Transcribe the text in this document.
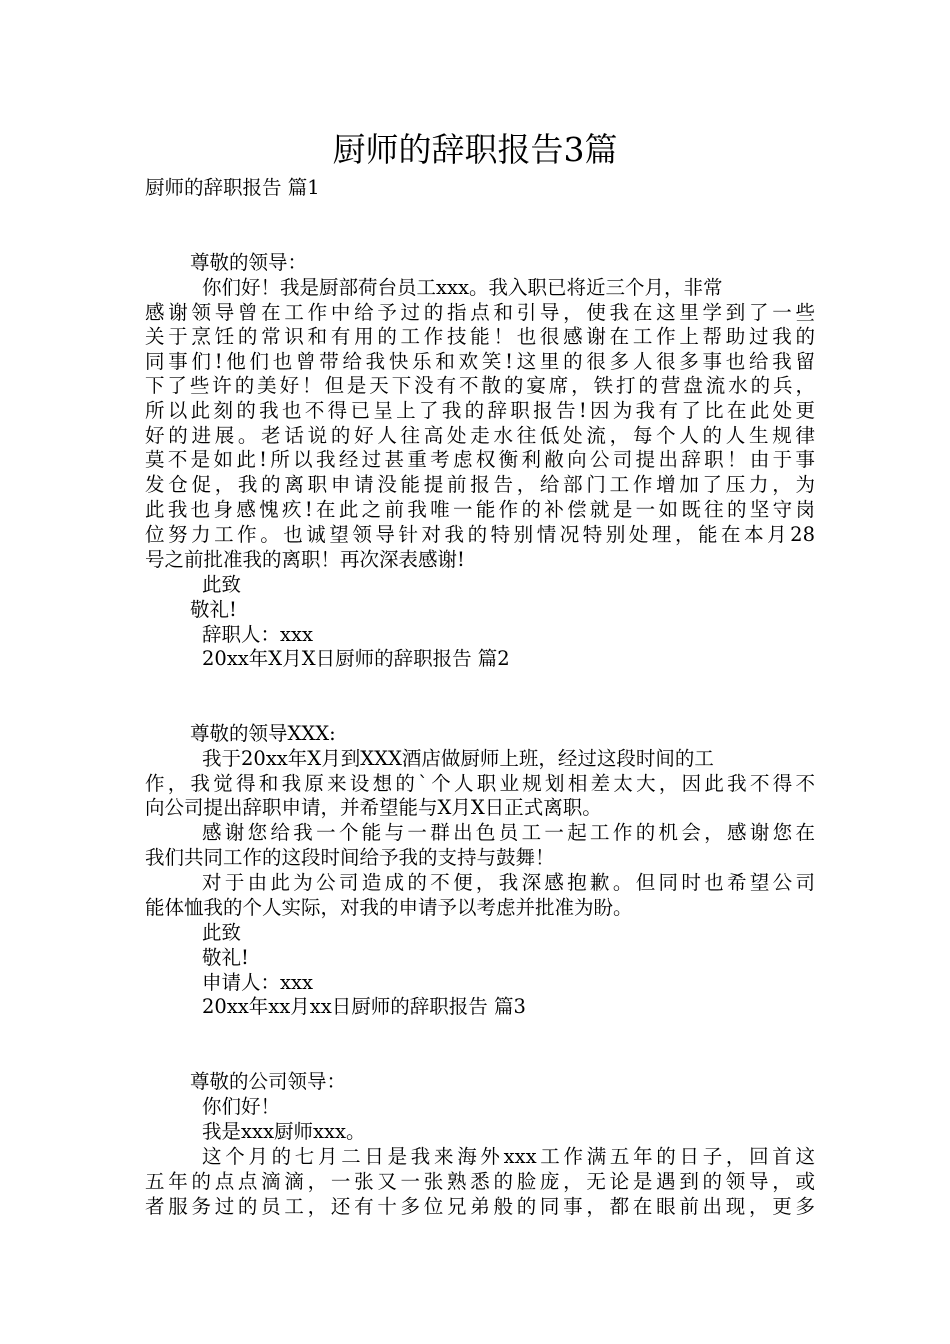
厨师的辞职报告3篇

厨师的辞职报告 篇1

尊敬的领导：

你们好！我是厨部荷台员工xxx。我入职已将近三个月，非常

感谢领导曾在工作中给予过的指点和引导，使我在这里学到了一些

关于烹饪的常识和有用的工作技能！也很感谢在工作上帮助过我的

同事们!他们也曾带给我快乐和欢笑!这里的很多人很多事也给我留

下了些许的美好！但是天下没有不散的宴席，铁打的营盘流水的兵，

所以此刻的我也不得已呈上了我的辞职报告!因为我有了比在此处更

好的进展。老话说的好人往高处走水往低处流，每个人的人生规律

莫不是如此!所以我经过甚重考虑权衡利敝向公司提出辞职！由于事

发仓促，我的离职申请没能提前报告，给部门工作增加了压力，为

此我也身感愧疚!在此之前我唯一能作的补偿就是一如既往的坚守岗

位努力工作。也诚望领导针对我的特别情况特别处理，能在本月28

号之前批准我的离职！再次深表感谢!

此致

敬礼!

辞职人：xxx

20xx年X月X日厨师的辞职报告 篇2

尊敬的领导XXX:

我于20xx年X月到XXX酒店做厨师上班，经过这段时间的工

作，我觉得和我原来设想的`个人职业规划相差太大，因此我不得不

向公司提出辞职申请，并希望能与X月X日正式离职。

感谢您给我一个能与一群出色员工一起工作的机会，感谢您在

我们共同工作的这段时间给予我的支持与鼓舞！

对于由此为公司造成的不便，我深感抱歉。但同时也希望公司

能体恤我的个人实际，对我的申请予以考虑并批准为盼。

此致

敬礼!

申请人：xxx

20xx年xx月xx日厨师的辞职报告 篇3

尊敬的公司领导：

你们好！

我是xxx厨师xxx。

这个月的七月二日是我来海外xxx工作满五年的日子，回首这

五年的点点滴滴，一张又一张熟悉的脸庞，无论是遇到的领导，或

者服务过的员工，还有十多位兄弟般的同事，都在眼前出现，更多
